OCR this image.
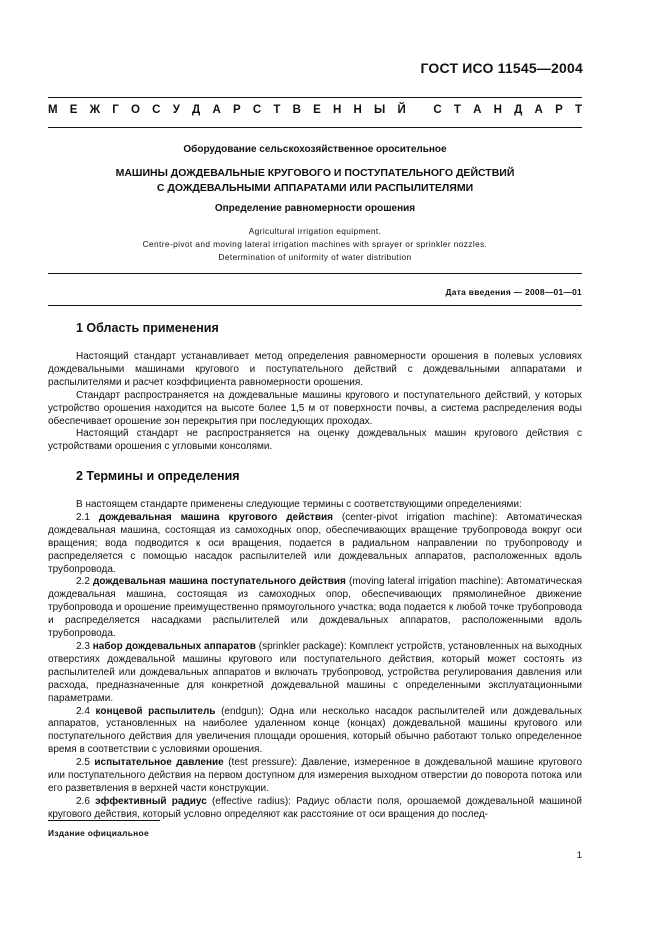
ГОСТ ИСО 11545—2004
М Е Ж Г О С У Д А Р С Т В Е Н Н Ы Й
С Т А Н Д А Р Т
Оборудование сельскохозяйственное оросительное
МАШИНЫ ДОЖДЕВАЛЬНЫЕ КРУГОВОГО И ПОСТУПАТЕЛЬНОГО ДЕЙСТВИЙ
С ДОЖДЕВАЛЬНЫМИ АППАРАТАМИ ИЛИ РАСПЫЛИТЕЛЯМИ
Определение равномерности орошения
Agricultural irrigation equipment.
Centre-pivot and moving lateral irrigation machines with sprayer or sprinkler nozzles.
Determination of uniformity of water distribution
Дата введения — 2008—01—01
1 Область применения

Настоящий стандарт устанавливает метод определения равномерности орошения в полевых условиях дождевальными машинами кругового и поступательного действий с дождевальными аппаратами и распылителями и расчет коэффициента равномерности орошения.

Стандарт распространяется на дождевальные машины кругового и поступательного действий, у которых устройство орошения находится на высоте более 1,5 м от поверхности почвы, а система распределения воды обеспечивает орошение зон перекрытия при последующих проходах.

Настоящий стандарт не распространяется на оценку дождевальных машин кругового действия с устройствами орошения с угловыми консолями.

2 Термины и определения

В настоящем стандарте применены следующие термины с соответствующими определениями:

2.1 дождевальная машина кругового действия (center-pivot irrigation machine): Автоматическая дождевальная машина, состоящая из самоходных опор, обеспечивающих вращение трубопровода вокруг оси вращения; вода подводится к оси вращения, подается в радиальном направлении по трубопроводу и распределяется с помощью насадок распылителей или дождевальных аппаратов, расположенных вдоль трубопровода.

2.2 дождевальная машина поступательного действия (moving lateral irrigation machine): Автоматическая дождевальная машина, состоящая из самоходных опор, обеспечивающих прямолинейное движение трубопровода и орошение преимущественно прямоугольного участка; вода подается к любой точке трубопровода и распределяется насадками распылителей или дождевальных аппаратов, расположенными вдоль трубопровода.

2.3 набор дождевальных аппаратов (sprinkler package): Комплект устройств, установленных на выходных отверстиях дождевальной машины кругового или поступательного действия, который может состоять из распылителей или дождевальных аппаратов и включать трубопровод, устройства регулирования давления или расхода, предназначенные для конкретной дождевальной машины с определенными эксплуатационными параметрами.

2.4 концевой распылитель (endgun): Одна или несколько насадок распылителей или дождевальных аппаратов, установленных на наиболее удаленном конце (концах) дождевальной машины кругового или поступательного действия для увеличения площади орошения, который обычно работают только определенное время в соответствии с условиями орошения.

2.5 испытательное давление (test pressure): Давление, измеренное в дождевальной машине кругового или поступательного действия на первом доступном для измерения выходном отверстии до поворота потока или его разветвления в верхней части конструкции.

2.6 эффективный радиус (effective radius): Радиус области поля, орошаемой дождевальной машиной кругового действия, который условно определяют как расстояние от оси вращения до послед-

Издание официальное
1
